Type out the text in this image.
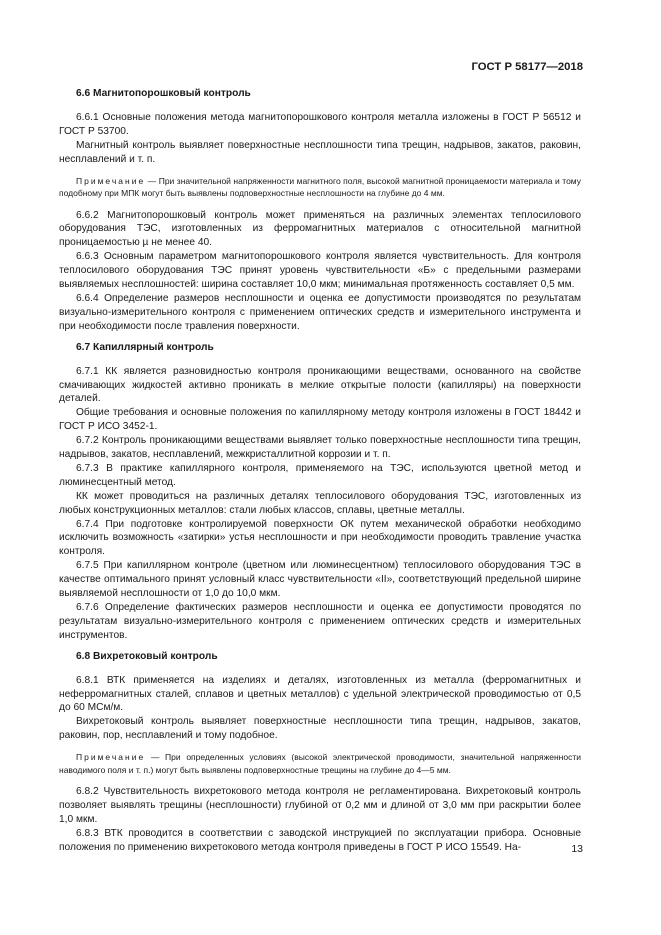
ГОСТ Р 58177—2018

6.6 Магнитопорошковый контроль

6.6.1 Основные положения метода магнитопорошкового контроля металла изложены в ГОСТ Р 56512 и ГОСТ Р 53700.

Магнитный контроль выявляет поверхностные несплошности типа трещин, надрывов, закатов, раковин, несплавлений и т. п.

Примечание — При значительной напряженности магнитного поля, высокой магнитной проницаемости материала и тому подобному при МПК могут быть выявлены подповерхностные несплошности на глубине до 4 мм.

6.6.2 Магнитопорошковый контроль может применяться на различных элементах теплосилового оборудования ТЭС, изготовленных из ферромагнитных материалов с относительной магнитной проницаемостью µ не менее 40.

6.6.3 Основным параметром магнитопорошкового контроля является чувствительность. Для контроля теплосилового оборудования ТЭС принят уровень чувствительности «Б» с предельными размерами выявляемых несплошностей: ширина составляет 10,0 мкм; минимальная протяженность составляет 0,5 мм.

6.6.4 Определение размеров несплошности и оценка ее допустимости производятся по результатам визуально-измерительного контроля с применением оптических средств и измерительного инструмента и при необходимости после травления поверхности.

6.7 Капиллярный контроль

6.7.1 КК является разновидностью контроля проникающими веществами, основанного на свойстве смачивающих жидкостей активно проникать в мелкие открытые полости (капилляры) на поверхности деталей.

Общие требования и основные положения по капиллярному методу контроля изложены в ГОСТ 18442 и ГОСТ Р ИСО 3452-1.

6.7.2 Контроль проникающими веществами выявляет только поверхностные несплошности типа трещин, надрывов, закатов, несплавлений, межкристаллитной коррозии и т. п.

6.7.3 В практике капиллярного контроля, применяемого на ТЭС, используются цветной метод и люминесцентный метод.

КК может проводиться на различных деталях теплосилового оборудования ТЭС, изготовленных из любых конструкционных металлов: стали любых классов, сплавы, цветные металлы.

6.7.4 При подготовке контролируемой поверхности ОК путем механической обработки необходимо исключить возможность «затирки» устья несплошности и при необходимости проводить травление участка контроля.

6.7.5 При капиллярном контроле (цветном или люминесцентном) теплосилового оборудования ТЭС в качестве оптимального принят условный класс чувствительности «II», соответствующий предельной ширине выявляемой несплошности от 1,0 до 10,0 мкм.

6.7.6 Определение фактических размеров несплошности и оценка ее допустимости проводятся по результатам визуально-измерительного контроля с применением оптических средств и измерительных инструментов.

6.8 Вихретоковый контроль

6.8.1 ВТК применяется на изделиях и деталях, изготовленных из металла (ферромагнитных и неферромагнитных сталей, сплавов и цветных металлов) с удельной электрической проводимостью от 0,5 до 60 МСм/м.

Вихретоковый контроль выявляет поверхностные несплошности типа трещин, надрывов, закатов, раковин, пор, несплавлений и тому подобное.

Примечание — При определенных условиях (высокой электрической проводимости, значительной напряженности наводимого поля и т. п.) могут быть выявлены подповерхностные трещины на глубине до 4—5 мм.

6.8.2 Чувствительность вихретокового метода контроля не регламентирована. Вихретоковый контроль позволяет выявлять трещины (несплошности) глубиной от 0,2 мм и длиной от 3,0 мм при раскрытии более 1,0 мкм.

6.8.3 ВТК проводится в соответствии с заводской инструкцией по эксплуатации прибора. Основные положения по применению вихретокового метода контроля приведены в ГОСТ Р ИСО 15549. На-	13
